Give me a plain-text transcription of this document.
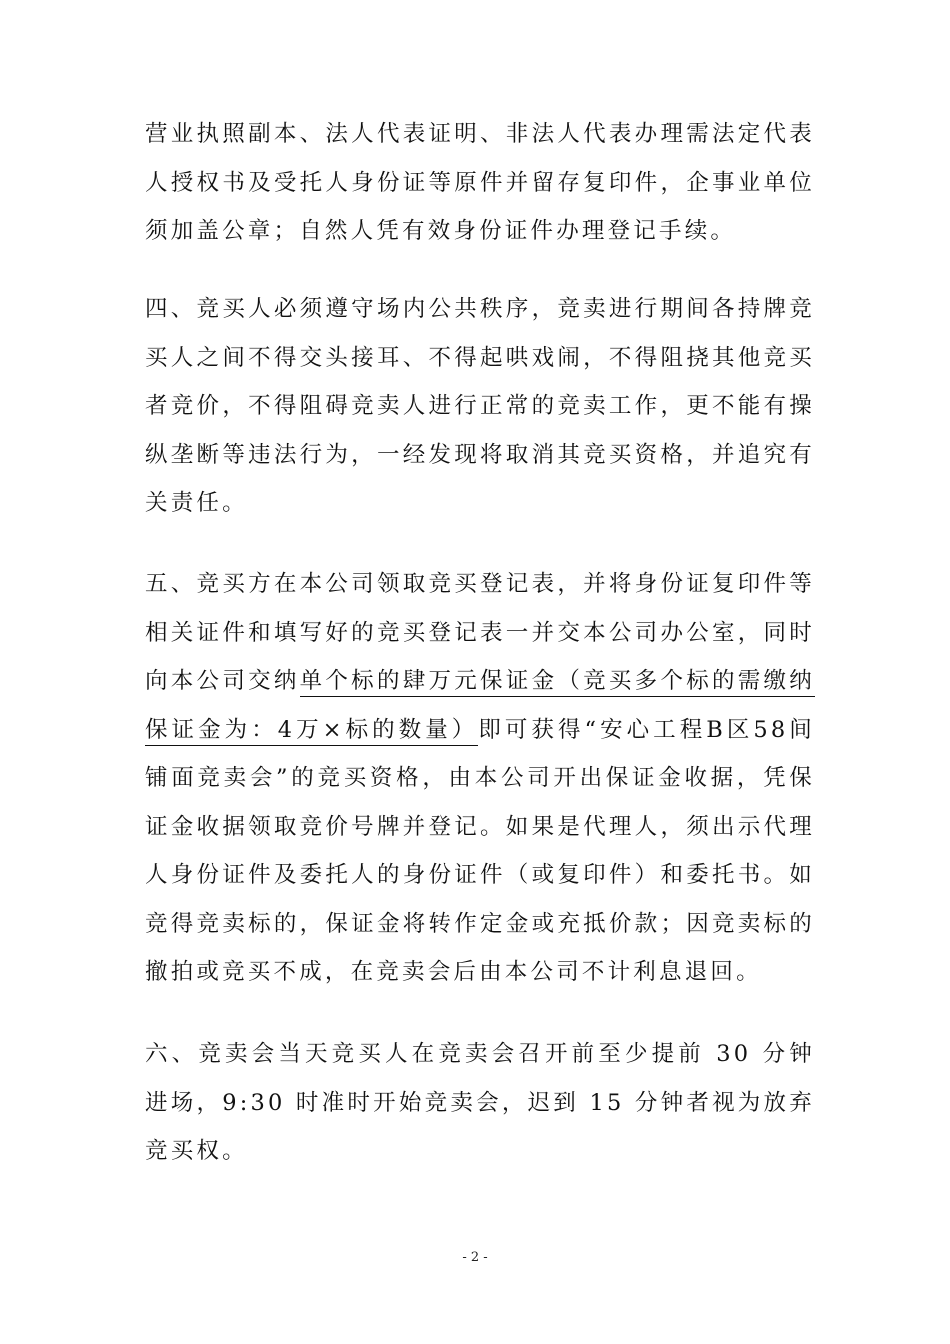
营业执照副本、法人代表证明、非法人代表办理需法定代表人授权书及受托人身份证等原件并留存复印件，企事业单位须加盖公章；自然人凭有效身份证件办理登记手续。

四、竞买人必须遵守场内公共秩序，竞卖进行期间各持牌竞买人之间不得交头接耳、不得起哄戏闹，不得阻挠其他竞买者竞价，不得阻碍竞卖人进行正常的竞卖工作，更不能有操纵垄断等违法行为，一经发现将取消其竞买资格，并追究有关责任。

五、竞买方在本公司领取竞买登记表，并将身份证复印件等相关证件和填写好的竞买登记表一并交本公司办公室，同时向本公司交纳单个标的肆万元保证金（竞买多个标的需缴纳保证金为：4万×标的数量）即可获得“安心工程B区58间铺面竞卖会”的竞买资格，由本公司开出保证金收据，凭保证金收据领取竞价号牌并登记。如果是代理人，须出示代理人身份证件及委托人的身份证件（或复印件）和委托书。如竞得竞卖标的，保证金将转作定金或充抵价款；因竞卖标的撤拍或竞买不成，在竞卖会后由本公司不计利息退回。

六、竞卖会当天竞买人在竞卖会召开前至少提前 30 分钟进场，9:30 时准时开始竞卖会，迟到 15 分钟者视为放弃竞买权。

- 2 -
